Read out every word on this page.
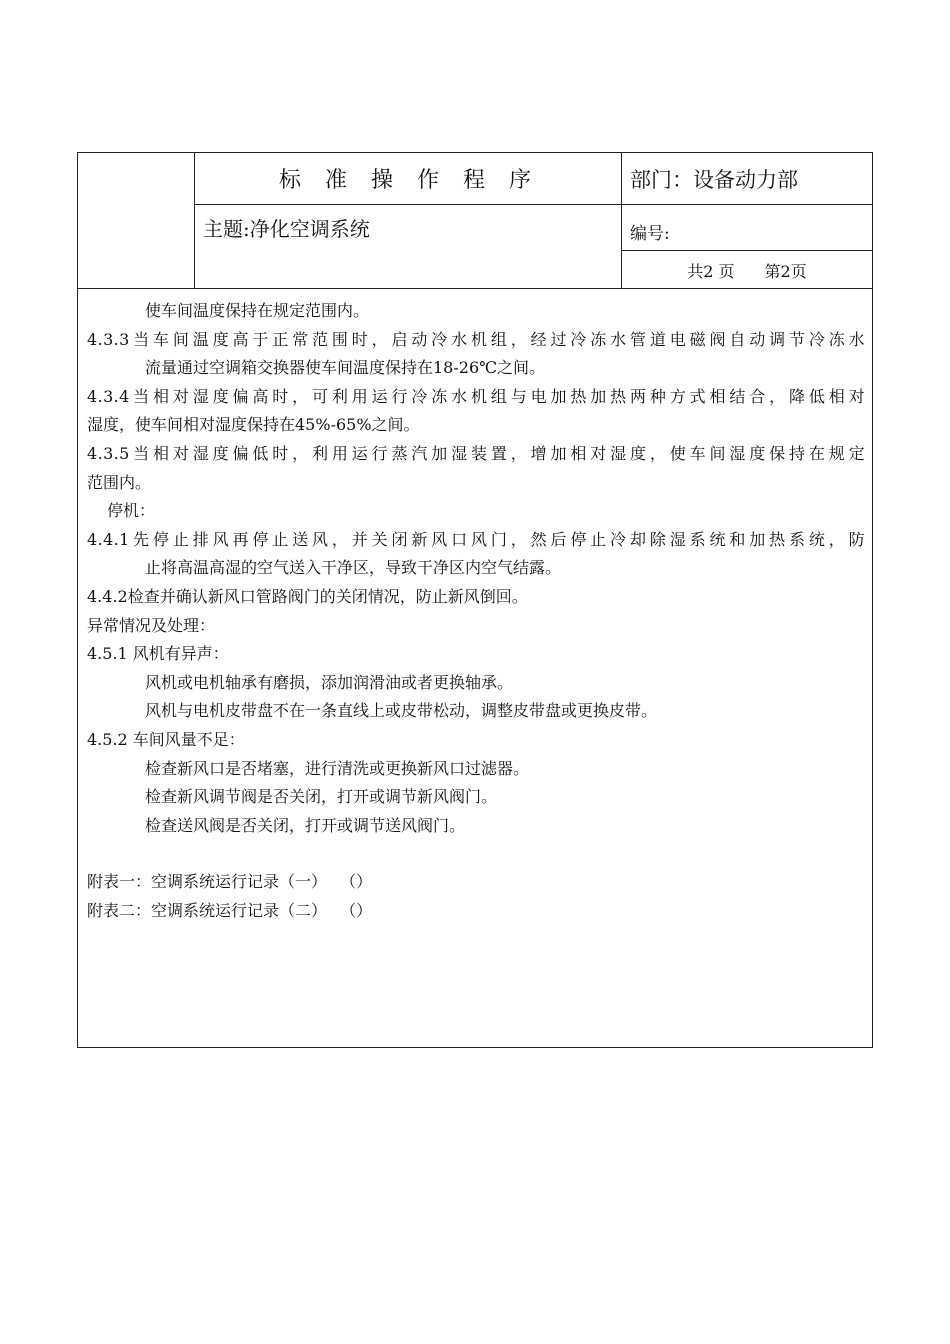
标准操作程序
主题:净化空调系统
部门：设备动力部
编号:
共2 页 第2页
使车间温度保持在规定范围内。
4.3.3当车间温度高于正常范围时，启动冷水机组，经过冷冻水管道电磁阀自动调节冷冻水
流量通过空调箱交换器使车间温度保持在18-26℃之间。
4.3.4当相对湿度偏高时，可利用运行冷冻水机组与电加热加热两种方式相结合，降低相对
湿度，使车间相对湿度保持在45%-65%之间。
4.3.5当相对湿度偏低时，利用运行蒸汽加湿装置，增加相对湿度，使车间湿度保持在规定
范围内。
停机：
4.4.1先停止排风再停止送风，并关闭新风口风门，然后停止冷却除湿系统和加热系统，防
止将高温高湿的空气送入干净区，导致干净区内空气结露。
4.4.2检查并确认新风口管路阀门的关闭情况，防止新风倒回。
异常情况及处理：
4.5.1 风机有异声：
风机或电机轴承有磨损，添加润滑油或者更换轴承。
风机与电机皮带盘不在一条直线上或皮带松动，调整皮带盘或更换皮带。
4.5.2 车间风量不足：
检查新风口是否堵塞，进行清洗或更换新风口过滤器。
检查新风调节阀是否关闭，打开或调节新风阀门。
检查送风阀是否关闭，打开或调节送风阀门。
附表一：空调系统运行记录（一）　 （）
附表二：空调系统运行记录（二）　 （）
